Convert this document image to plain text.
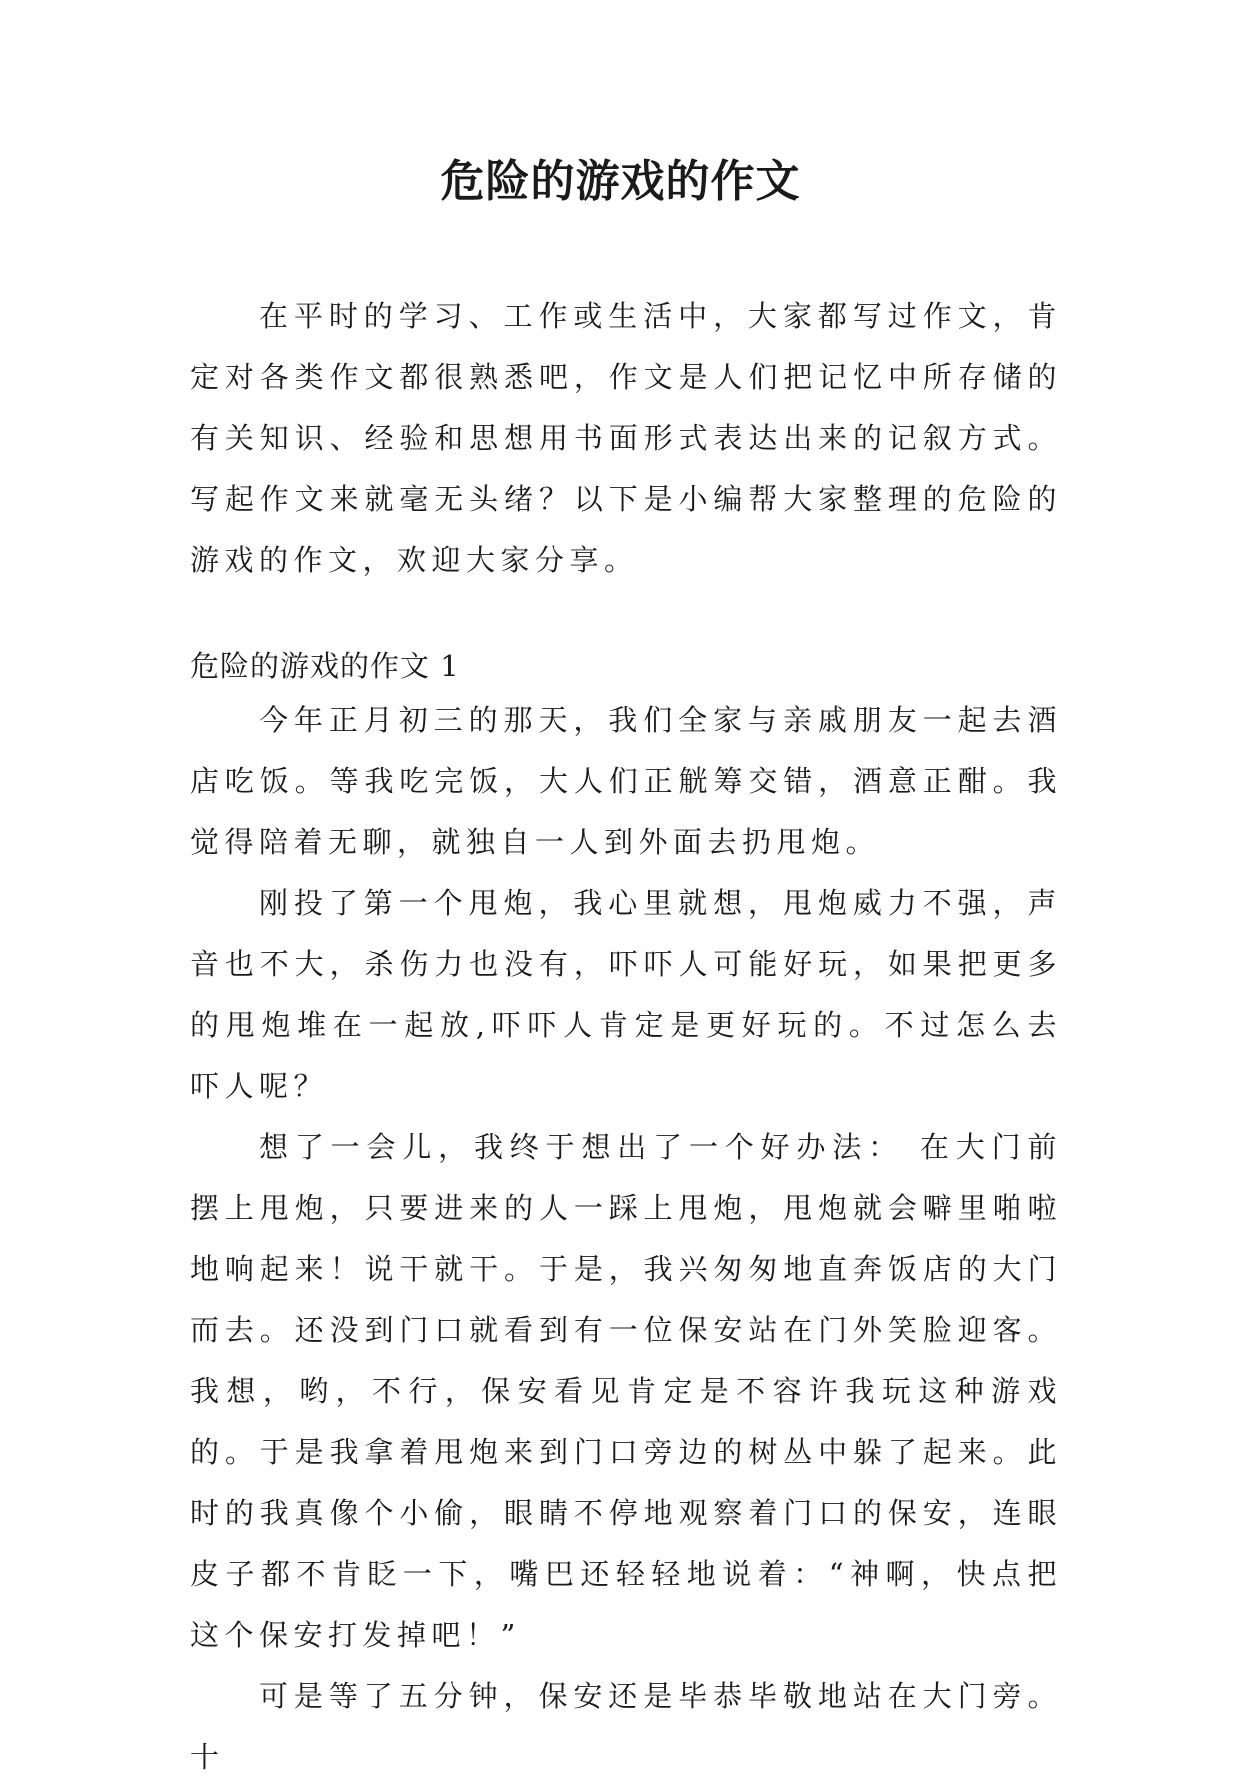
危险的游戏的作文

在平时的学习、工作或生活中，大家都写过作文，肯定对各类作文都很熟悉吧，作文是人们把记忆中所存储的有关知识、经验和思想用书面形式表达出来的记叙方式。写起作文来就毫无头绪？以下是小编帮大家整理的危险的游戏的作文，欢迎大家分享。

危险的游戏的作文 1

今年正月初三的那天，我们全家与亲戚朋友一起去酒店吃饭。等我吃完饭，大人们正觥筹交错，酒意正酣。我觉得陪着无聊，就独自一人到外面去扔甩炮。

刚投了第一个甩炮，我心里就想，甩炮威力不强，声音也不大，杀伤力也没有，吓吓人可能好玩，如果把更多的甩炮堆在一起放,吓吓人肯定是更好玩的。不过怎么去吓人呢？

想了一会儿，我终于想出了一个好办法： 在大门前摆上甩炮，只要进来的人一踩上甩炮，甩炮就会噼里啪啦地响起来！说干就干。于是，我兴匆匆地直奔饭店的大门而去。还没到门口就看到有一位保安站在门外笑脸迎客。我想，哟，不行，保安看见肯定是不容许我玩这种游戏的。于是我拿着甩炮来到门口旁边的树丛中躲了起来。此时的我真像个小偷，眼睛不停地观察着门口的保安，连眼皮子都不肯眨一下，嘴巴还轻轻地说着：“神啊，快点把这个保安打发掉吧！”

可是等了五分钟，保安还是毕恭毕敬地站在大门旁。十
